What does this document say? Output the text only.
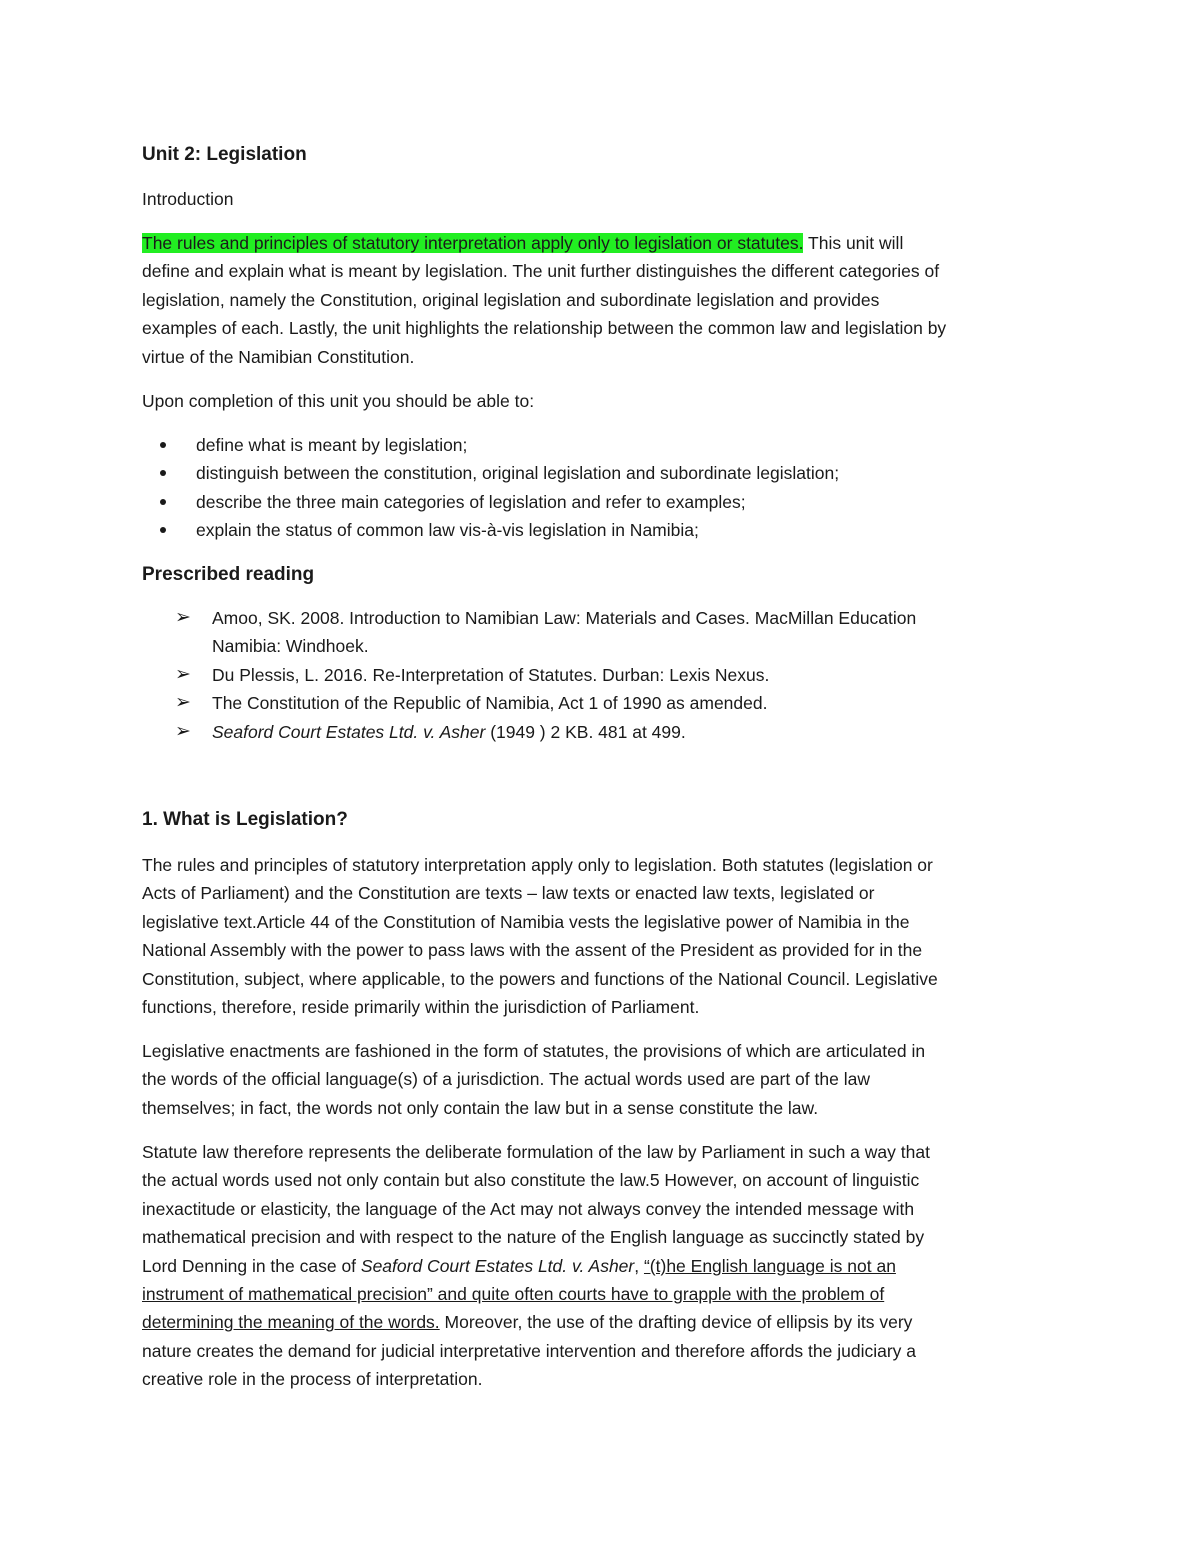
Unit 2: Legislation
Introduction
The rules and principles of statutory interpretation apply only to legislation or statutes. This unit will
define and explain what is meant by legislation. The unit further distinguishes the different categories of
legislation, namely the Constitution, original legislation and subordinate legislation and provides
examples of each. Lastly, the unit highlights the relationship between the common law and legislation by
virtue of the Namibian Constitution.
Upon completion of this unit you should be able to:
define what is meant by legislation;
distinguish between the constitution, original legislation and subordinate legislation;
describe the three main categories of legislation and refer to examples;
explain the status of common law vis-à-vis legislation in Namibia;
Prescribed reading
➢ Amoo, SK. 2008. Introduction to Namibian Law: Materials and Cases. MacMillan Education
Namibia: Windhoek.
➢ Du Plessis, L. 2016. Re-Interpretation of Statutes. Durban: Lexis Nexus.
➢ The Constitution of the Republic of Namibia, Act 1 of 1990 as amended.
➢ Seaford Court Estates Ltd. v. Asher (1949 ) 2 KB. 481 at 499.
1. What is Legislation?
The rules and principles of statutory interpretation apply only to legislation. Both statutes (legislation or
Acts of Parliament) and the Constitution are texts – law texts or enacted law texts, legislated or
legislative text.Article 44 of the Constitution of Namibia vests the legislative power of Namibia in the
National Assembly with the power to pass laws with the assent of the President as provided for in the
Constitution, subject, where applicable, to the powers and functions of the National Council. Legislative
functions, therefore, reside primarily within the jurisdiction of Parliament.
Legislative enactments are fashioned in the form of statutes, the provisions of which are articulated in
the words of the official language(s) of a jurisdiction. The actual words used are part of the law
themselves; in fact, the words not only contain the law but in a sense constitute the law.
Statute law therefore represents the deliberate formulation of the law by Parliament in such a way that
the actual words used not only contain but also constitute the law.5 However, on account of linguistic
inexactitude or elasticity, the language of the Act may not always convey the intended message with
mathematical precision and with respect to the nature of the English language as succinctly stated by
Lord Denning in the case of Seaford Court Estates Ltd. v. Asher, “(t)he English language is not an
instrument of mathematical precision” and quite often courts have to grapple with the problem of
determining the meaning of the words. Moreover, the use of the drafting device of ellipsis by its very
nature creates the demand for judicial interpretative intervention and therefore affords the judiciary a
creative role in the process of interpretation.
